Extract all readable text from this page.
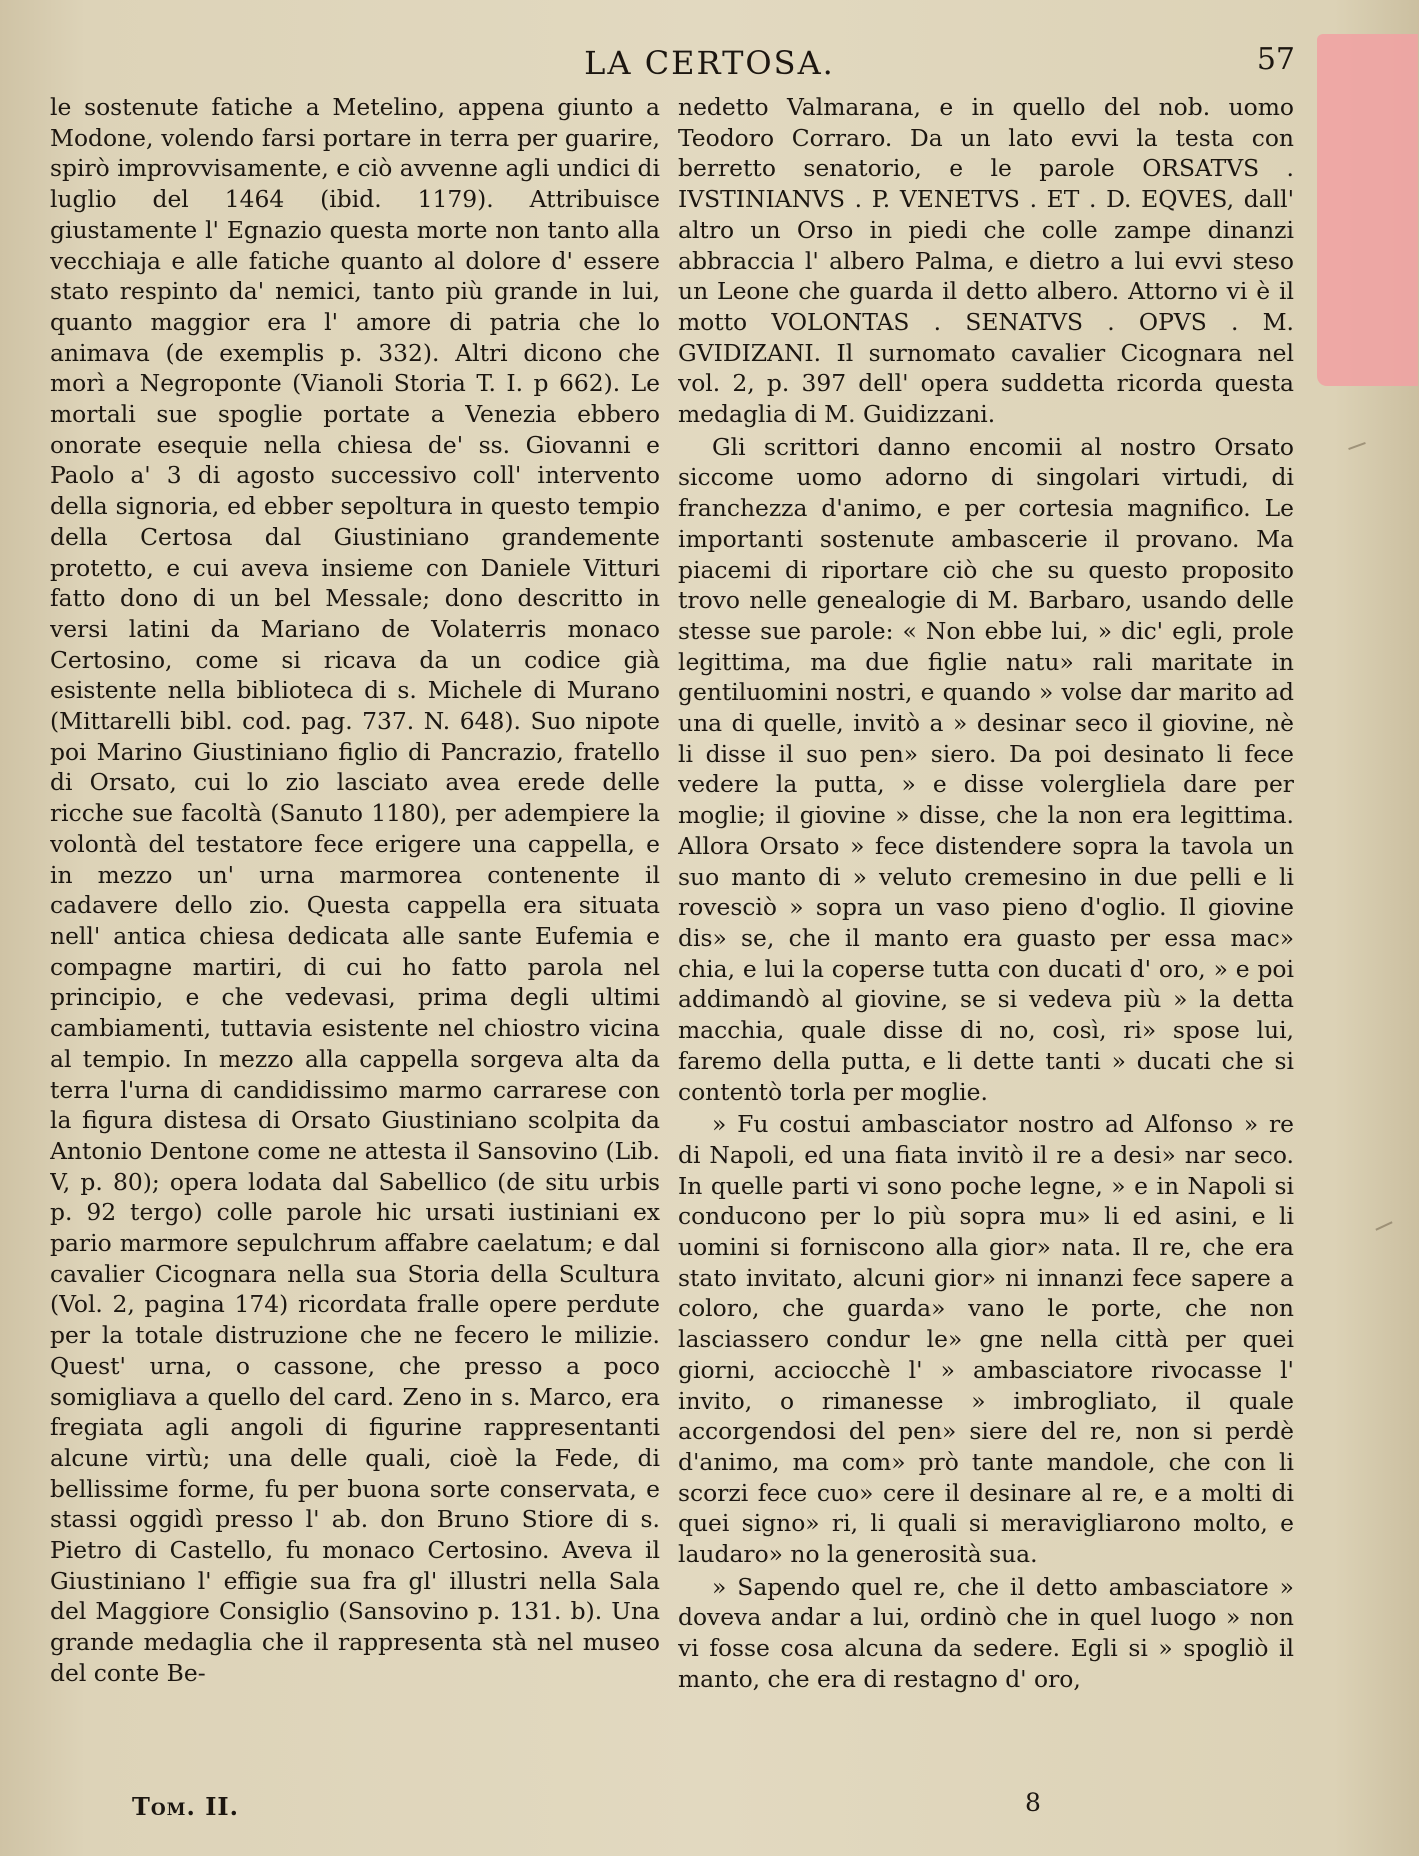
LA CERTOSA.	57

le sostenute fatiche a Metelino, appena giunto a Modone, volendo farsi portare in terra per guarire, spirò improvvisamente, e ciò avvenne agli undici di luglio del 1464 (ibid. 1179). Attribuisce giustamente l' Egnazio questa morte non tanto alla vecchiaja e alle fatiche quanto al dolore d' essere stato respinto da' nemici, tanto più grande in lui, quanto maggior era l' amore di patria che lo animava (de exemplis p. 332). Altri dicono che morì a Negroponte (Vianoli Storia T. I. p 662). Le mortali sue spoglie portate a Venezia ebbero onorate esequie nella chiesa de' ss. Giovanni e Paolo a' 3 di agosto successivo coll' intervento della signoria, ed ebber sepoltura in questo tempio della Certosa dal Giustiniano grandemente protetto, e cui aveva insieme con Daniele Vitturi fatto dono di un bel Messale; dono descritto in versi latini da Mariano de Volaterris monaco Certosino, come si ricava da un codice già esistente nella biblioteca di s. Michele di Murano (Mittarelli bibl. cod. pag. 737. N. 648). Suo nipote poi Marino Giustiniano figlio di Pancrazio, fratello di Orsato, cui lo zio lasciato avea erede delle ricche sue facoltà (Sanuto 1180), per adempiere la volontà del testatore fece erigere una cappella, e in mezzo un' urna marmorea contenente il cadavere dello zio. Questa cappella era situata nell' antica chiesa dedicata alle sante Eufemia e compagne martiri, di cui ho fatto parola nel principio, e che vedevasi, prima degli ultimi cambiamenti, tuttavia esistente nel chiostro vicina al tempio. In mezzo alla cappella sorgeva alta da terra l'urna di candidissimo marmo carrarese con la figura distesa di Orsato Giustiniano scolpita da Antonio Dentone come ne attesta il Sansovino (Lib. V, p. 80); opera lodata dal Sabellico (de situ urbis p. 92 tergo) colle parole hic ursati iustiniani ex pario marmore sepulchrum affabre caelatum; e dal cavalier Cicognara nella sua Storia della Scultura (Vol. 2, pagina 174) ricordata fralle opere perdute per la totale distruzione che ne fecero le milizie. Quest' urna, o cassone, che presso a poco somigliava a quello del card. Zeno in s. Marco, era fregiata agli angoli di figurine rappresentanti alcune virtù; una delle quali, cioè la Fede, di bellissime forme, fu per buona sorte conservata, e stassi oggidì presso l' ab. don Bruno Stiore di s. Pietro di Castello, fu monaco Certosino. Aveva il Giustiniano l' effigie sua fra gl' illustri nella Sala del Maggiore Consiglio (Sansovino p. 131. b). Una grande medaglia che il rappresenta stà nel museo del conte Be-

nedetto Valmarana, e in quello del nob. uomo Teodoro Corraro. Da un lato evvi la testa con berretto senatorio, e le parole ORSATVS . IVSTINIANVS . P. VENETVS . ET . D. EQVES, dall' altro un Orso in piedi che colle zampe dinanzi abbraccia l' albero Palma, e dietro a lui evvi steso un Leone che guarda il detto albero. Attorno vi è il motto VOLONTAS . SENATVS . OPVS . M. GVIDIZANI. Il surnomato cavalier Cicognara nel vol. 2, p. 397 dell' opera suddetta ricorda questa medaglia di M. Guidizzani.

Gli scrittori danno encomii al nostro Orsato siccome uomo adorno di singolari virtudi, di franchezza d'animo, e per cortesia magnifico. Le importanti sostenute ambascerie il provano. Ma piacemi di riportare ciò che su questo proposito trovo nelle genealogie di M. Barbaro, usando delle stesse sue parole: « Non ebbe lui, » dic' egli, prole legittima, ma due figlie natu» rali maritate in gentiluomini nostri, e quando » volse dar marito ad una di quelle, invitò a » desinar seco il giovine, nè li disse il suo pen» siero. Da poi desinato li fece vedere la putta, » e disse volergliela dare per moglie; il giovine » disse, che la non era legittima. Allora Orsato » fece distendere sopra la tavola un suo manto di » veluto cremesino in due pelli e li rovesciò » sopra un vaso pieno d'oglio. Il giovine dis» se, che il manto era guasto per essa mac» chia, e lui la coperse tutta con ducati d' oro, » e poi addimandò al giovine, se si vedeva più » la detta macchia, quale disse di no, così, ri» spose lui, faremo della putta, e li dette tanti » ducati che si contentò torla per moglie.

» Fu costui ambasciator nostro ad Alfonso » re di Napoli, ed una fiata invitò il re a desi» nar seco. In quelle parti vi sono poche legne, » e in Napoli si conducono per lo più sopra mu» li ed asini, e li uomini si forniscono alla gior» nata. Il re, che era stato invitato, alcuni gior» ni innanzi fece sapere a coloro, che guarda» vano le porte, che non lasciassero condur le» gne nella città per quei giorni, acciocchè l' » ambasciatore rivocasse l' invito, o rimanesse » imbrogliato, il quale accorgendosi del pen» siere del re, non si perdè d'animo, ma com» prò tante mandole, che con li scorzi fece cuo» cere il desinare al re, e a molti di quei signo» ri, li quali si meravigliarono molto, e laudaro» no la generosità sua.

» Sapendo quel re, che il detto ambasciatore » doveva andar a lui, ordinò che in quel luogo » non vi fosse cosa alcuna da sedere. Egli si » spogliò il manto, che era di restagno d' oro,

Tom. II.	8
